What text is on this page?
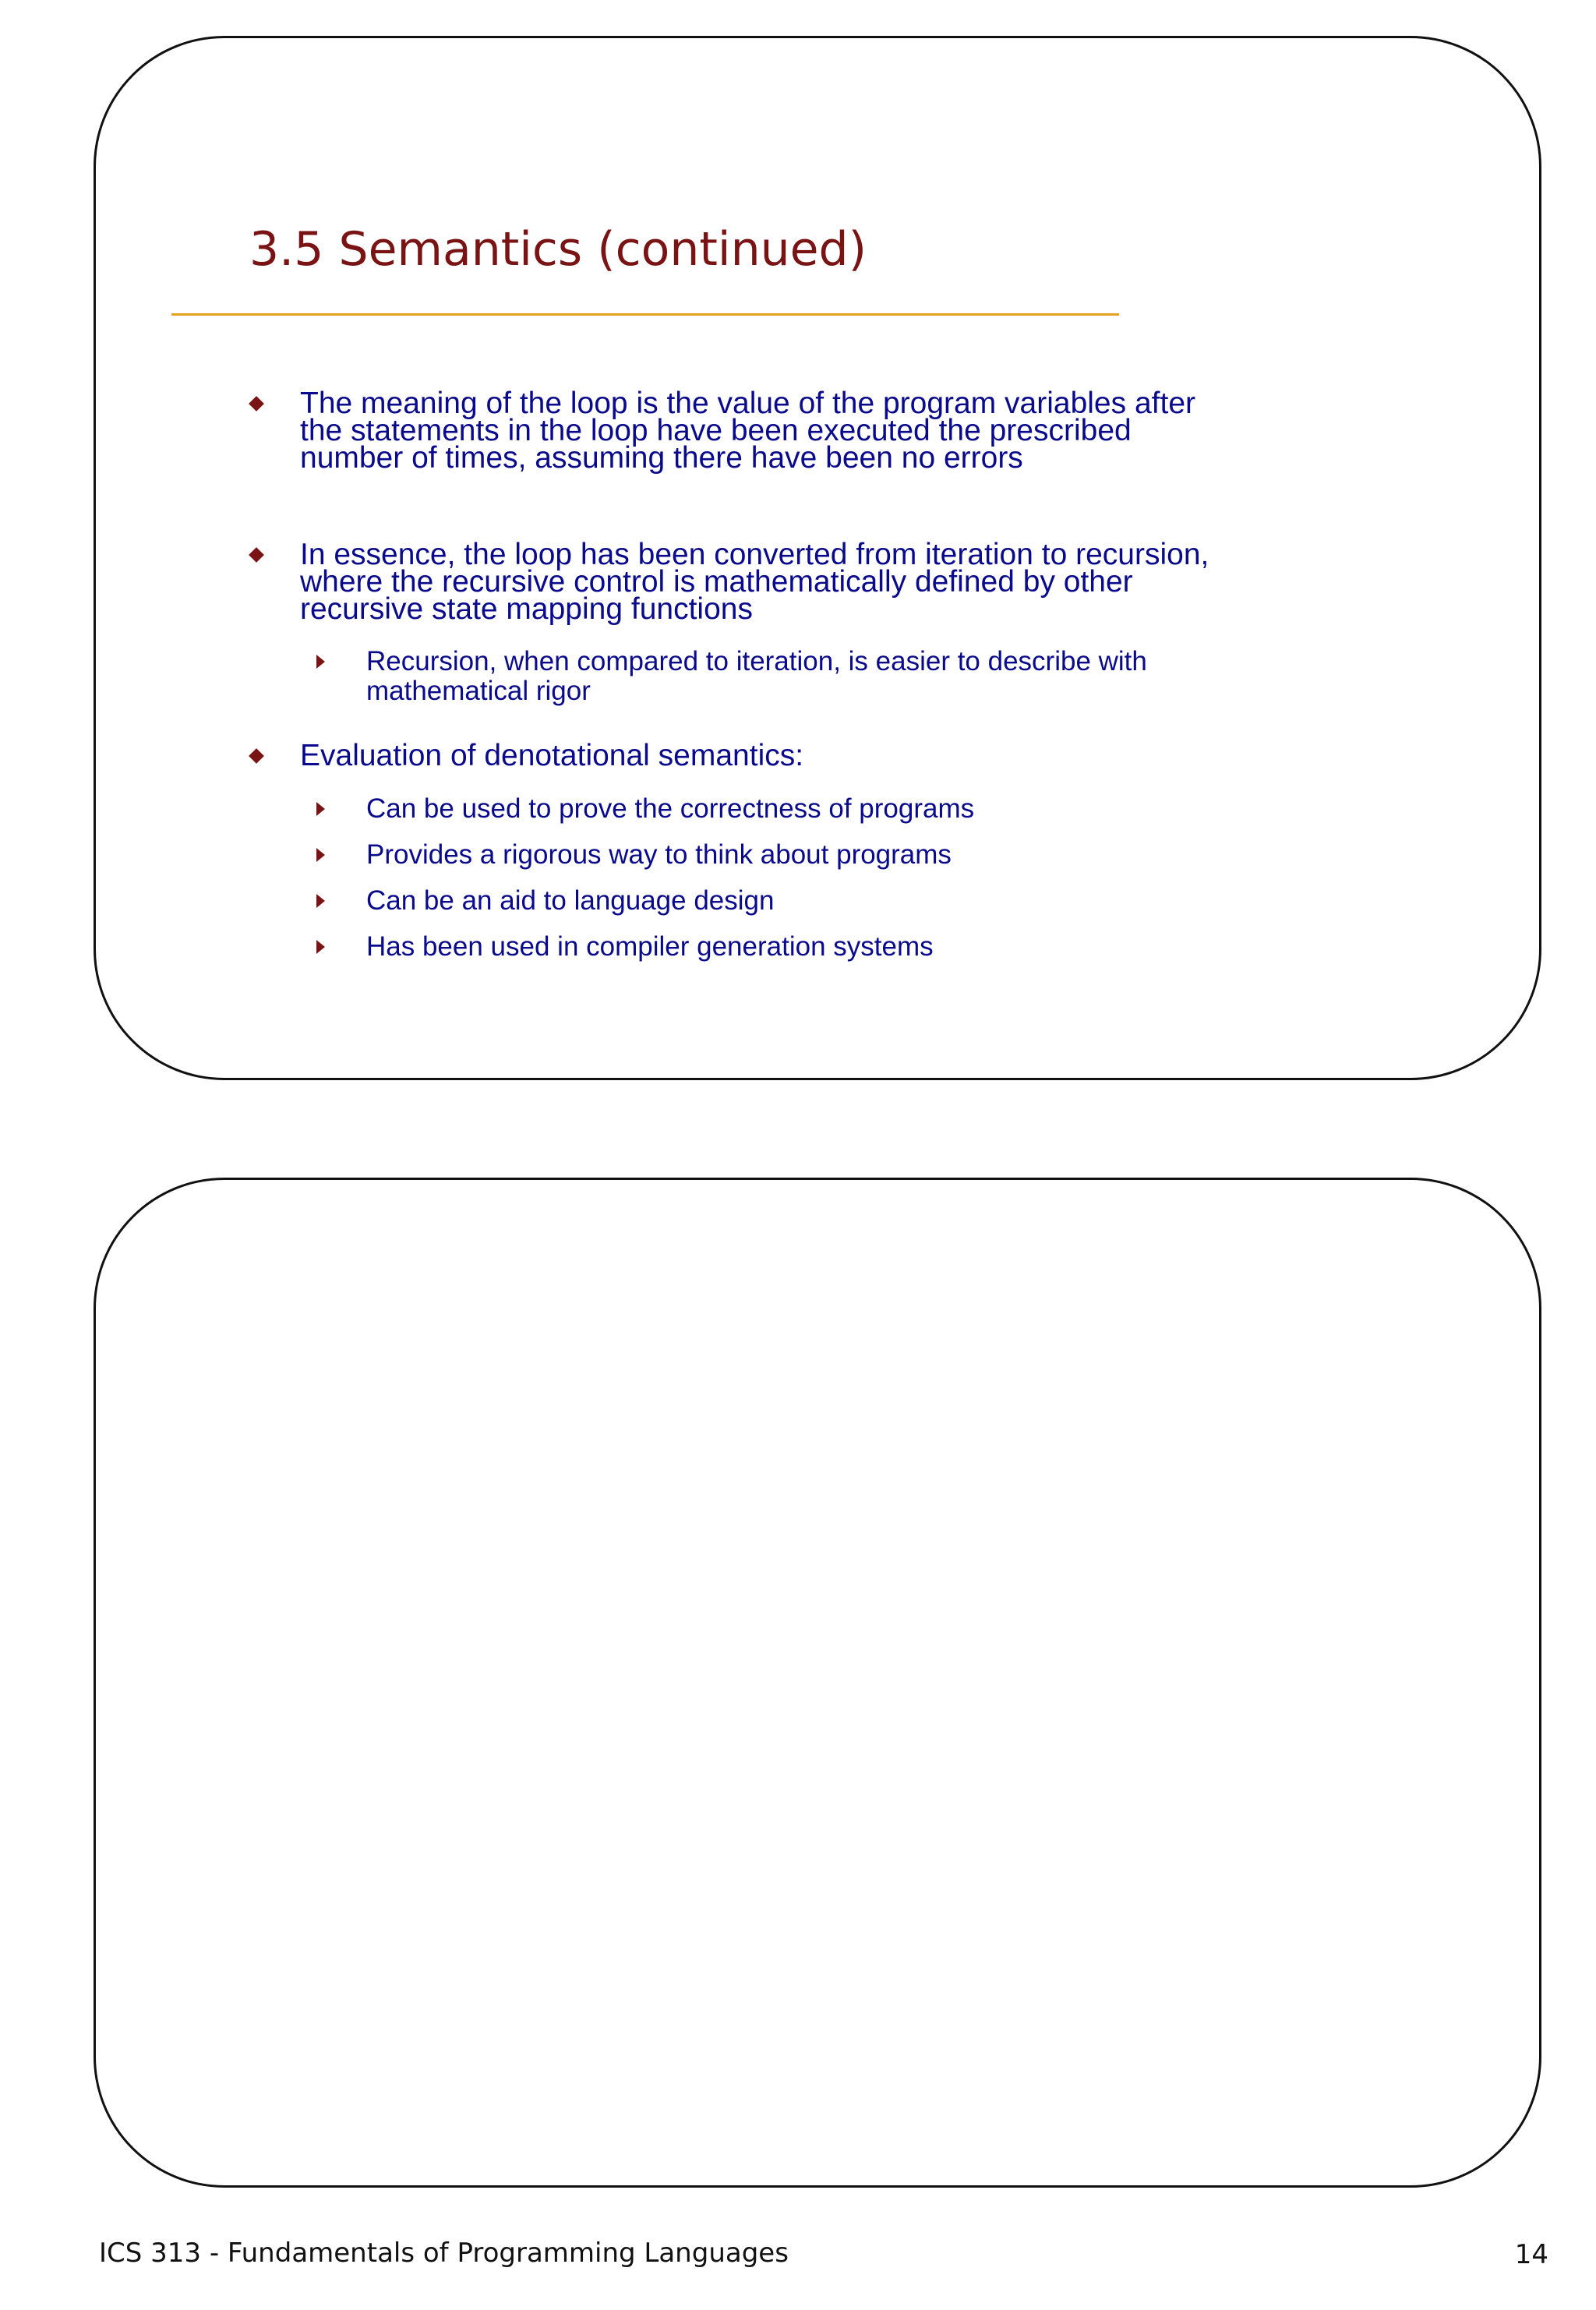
3.5 Semantics (continued)
The meaning of the loop is the value of the program variables after the statements in the loop have been executed the prescribed number of times, assuming there have been no errors
In essence, the loop has been converted from iteration to recursion, where the recursive control is mathematically defined by other recursive state mapping functions
Recursion, when compared to iteration, is easier to describe with mathematical rigor
Evaluation of denotational semantics:
Can be used to prove the correctness of programs
Provides a rigorous way to think about programs
Can be an aid to language design
Has been used in compiler generation systems
ICS 313 - Fundamentals of Programming Languages	14
